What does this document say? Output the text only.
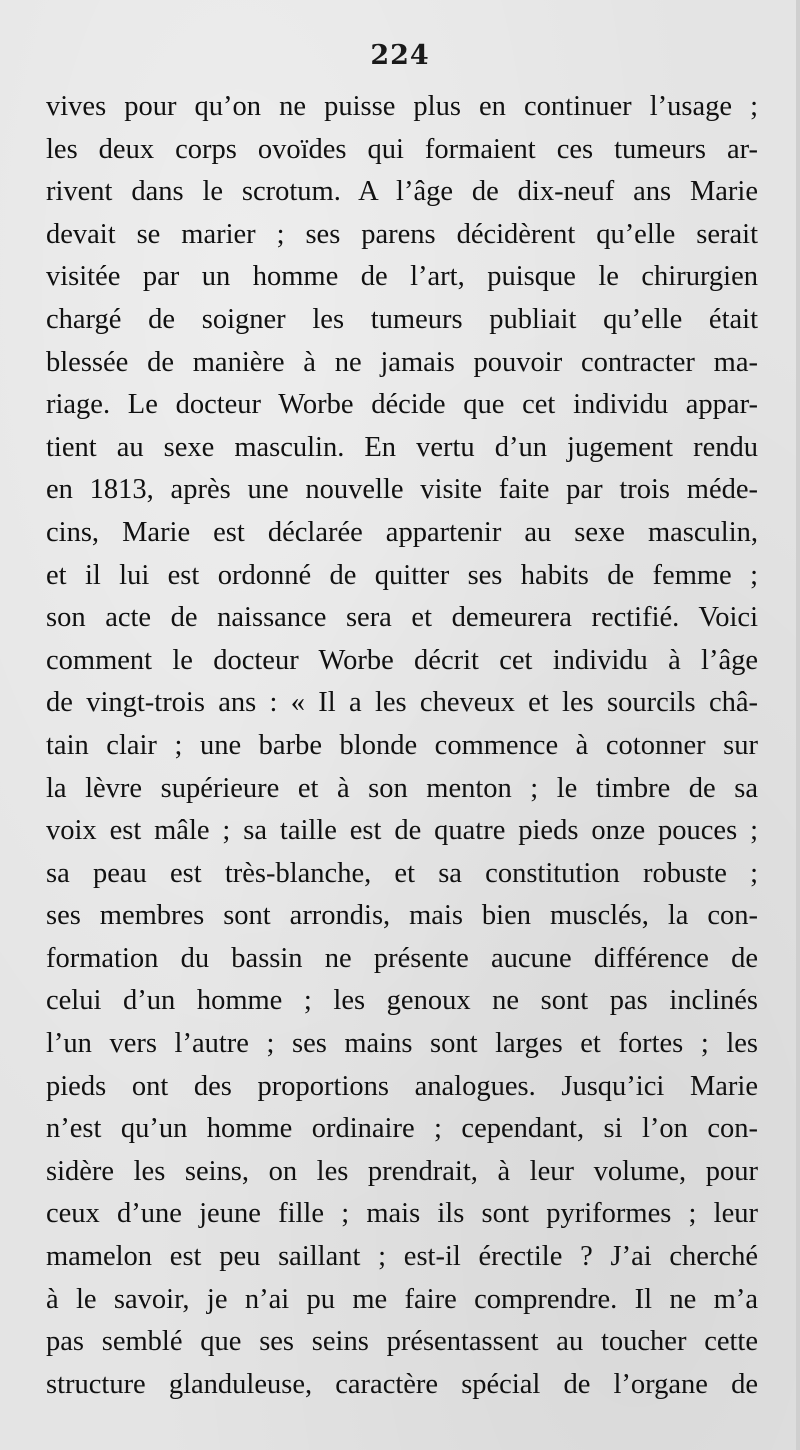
224
vives pour qu’on ne puisse plus en continuer l’usage ;
les deux corps ovoïdes qui formaient ces tumeurs ar-
rivent dans le scrotum. A l’âge de dix-neuf ans Marie
devait se marier ; ses parens décidèrent qu’elle serait
visitée par un homme de l’art, puisque le chirurgien
chargé de soigner les tumeurs publiait qu’elle était
blessée de manière à ne jamais pouvoir contracter ma-
riage. Le docteur Worbe décide que cet individu appar-
tient au sexe masculin. En vertu d’un jugement rendu
en 1813, après une nouvelle visite faite par trois méde-
cins, Marie est déclarée appartenir au sexe masculin,
et il lui est ordonné de quitter ses habits de femme ;
son acte de naissance sera et demeurera rectifié. Voici
comment le docteur Worbe décrit cet individu à l’âge
de vingt-trois ans : « Il a les cheveux et les sourcils châ-
tain clair ; une barbe blonde commence à cotonner sur
la lèvre supérieure et à son menton ; le timbre de sa
voix est mâle ; sa taille est de quatre pieds onze pouces ;
sa peau est très-blanche, et sa constitution robuste ;
ses membres sont arrondis, mais bien musclés, la con-
formation du bassin ne présente aucune différence de
celui d’un homme ; les genoux ne sont pas inclinés
l’un vers l’autre ; ses mains sont larges et fortes ; les
pieds ont des proportions analogues. Jusqu’ici Marie
n’est qu’un homme ordinaire ; cependant, si l’on con-
sidère les seins, on les prendrait, à leur volume, pour
ceux d’une jeune fille ; mais ils sont pyriformes ; leur
mamelon est peu saillant ; est-il érectile ? J’ai cherché
à le savoir, je n’ai pu me faire comprendre. Il ne m’a
pas semblé que ses seins présentassent au toucher cette
structure glanduleuse, caractère spécial de l’organe de
